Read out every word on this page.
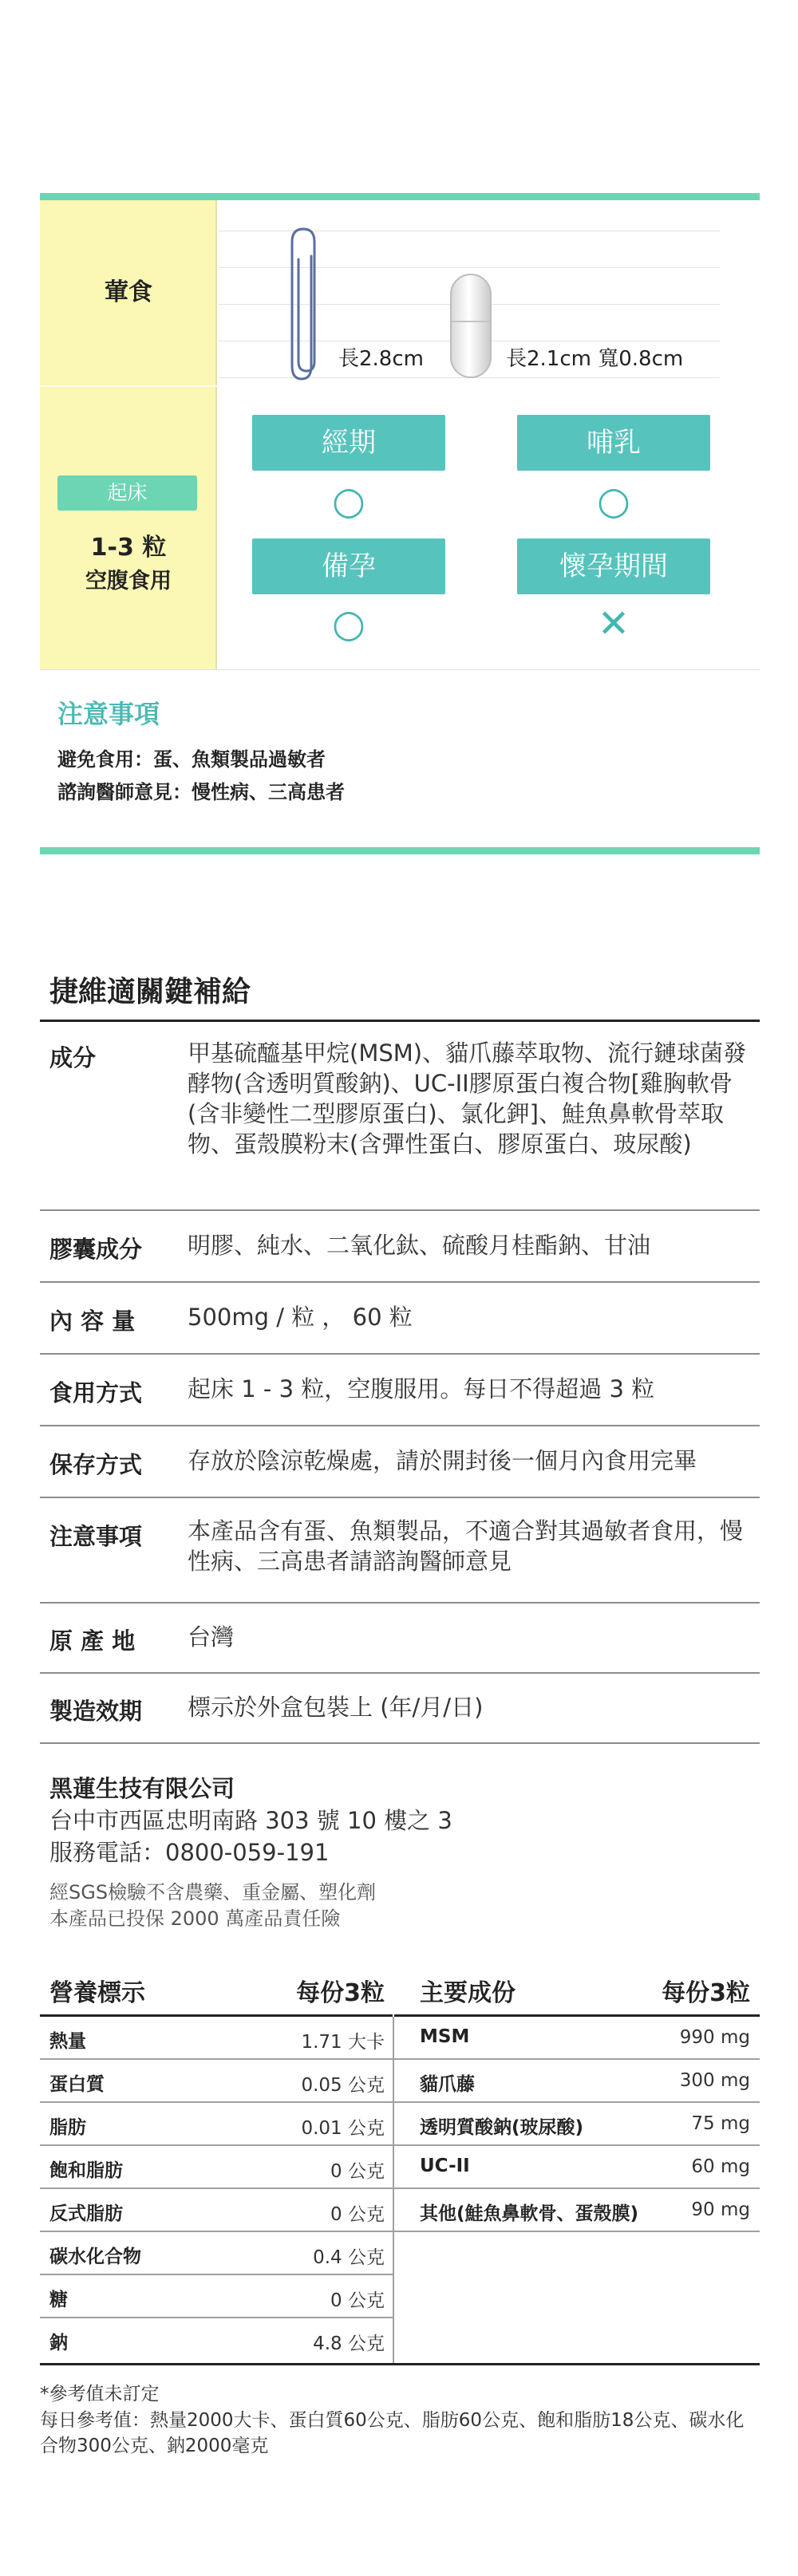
葷食
起床
1-3 粒
空腹食用
長2.8cm	長2.1cm 寬0.8cm
經期
○
哺乳
○
備孕
○
懷孕期間
✕
注意事項
避免食用：蛋、魚類製品過敏者
諮詢醫師意見：慢性病、三高患者
捷維適關鍵補給
成分	甲基硫醯基甲烷(MSM)、貓爪藤萃取物、流行鏈球菌發酵物(含透明質酸鈉)、UC-II膠原蛋白複合物[雞胸軟骨 (含非變性二型膠原蛋白)、氯化鉀]、鮭魚鼻軟骨萃取物、蛋殼膜粉末(含彈性蛋白、膠原蛋白、玻尿酸)
膠囊成分 明膠、純水、二氧化鈦、硫酸月桂酯鈉、甘油
內 容 量 500mg / 粒 ， 60 粒
食用方式 起床 1 - 3 粒，空腹服用。每日不得超過 3 粒
保存方式 存放於陰涼乾燥處，請於開封後一個月內食用完畢
注意事項 本產品含有蛋、魚類製品，不適合對其過敏者食用，慢性病、三高患者請諮詢醫師意見
原 產 地 台灣
製造效期 標示於外盒包裝上 (年/月/日)
黑蓮生技有限公司
台中市西區忠明南路 303 號 10 樓之 3
服務電話：0800-059-191
經SGS檢驗不含農藥、重金屬、塑化劑
本產品已投保 2000 萬產品責任險
營養標示	每份3粒
熱量	1.71 大卡
蛋白質	0.05 公克
脂肪	0.01 公克
飽和脂肪	0 公克
反式脂肪	0 公克
碳水化合物	0.4 公克
糖	0 公克
鈉	4.8 公克
主要成份	每份3粒
MSM	990 mg
貓爪藤	300 mg
透明質酸鈉(玻尿酸)	75 mg
UC-II	60 mg
其他(鮭魚鼻軟骨、蛋殼膜)	90 mg
*參考值未訂定
每日參考值：熱量2000大卡、蛋白質60公克、脂肪60公克、飽和脂肪18公克、碳水化合物300公克、鈉2000毫克
